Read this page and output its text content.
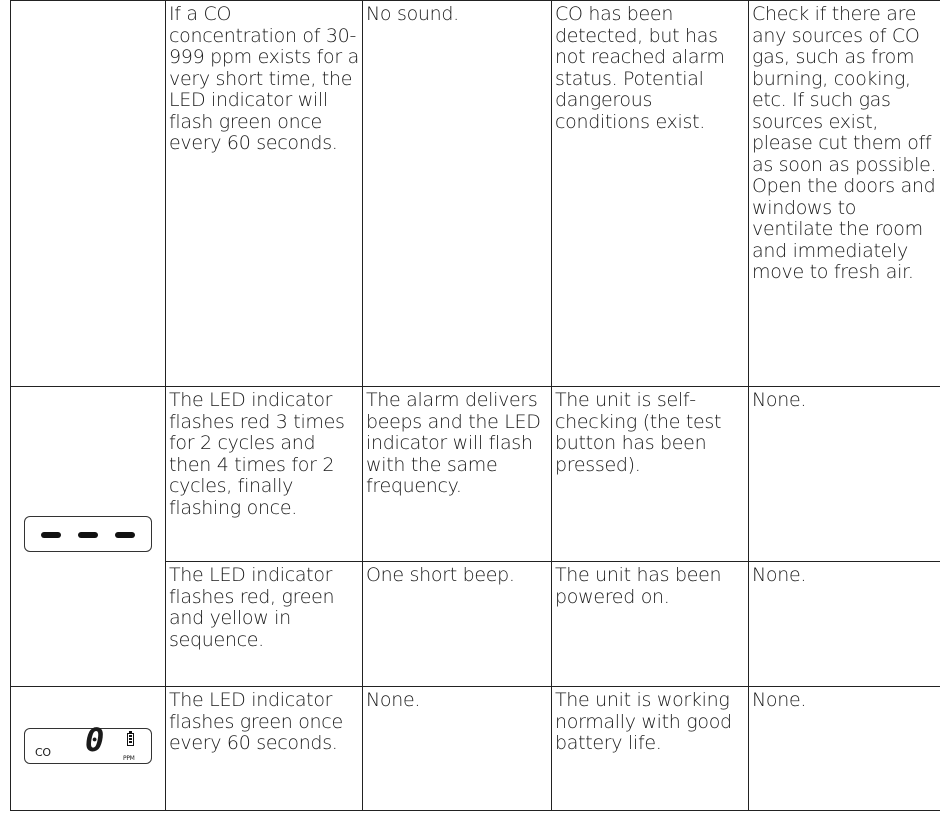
	If a CO concentration of 30-999 ppm exists for a very short time, the LED indicator will flash green once every 60 seconds.	No sound.	CO has been detected, but has not reached alarm status. Potential dangerous conditions exist.	Check if there are any sources of CO gas, such as from burning, cooking, etc. If such gas sources exist, please cut them off as soon as possible. Open the doors and windows to ventilate the room and immediately move to fresh air.

	The LED indicator flashes red 3 times for 2 cycles and then 4 times for 2 cycles, finally flashing once.	The alarm delivers beeps and the LED indicator will flash with the same frequency.	The unit is self-checking (the test button has been pressed).	None.
	The LED indicator flashes red, green and yellow in sequence.	One short beep.	The unit has been powered on.	None.

CO 0 PPM	The LED indicator flashes green once every 60 seconds.	None.	The unit is working normally with good battery life.	None.
